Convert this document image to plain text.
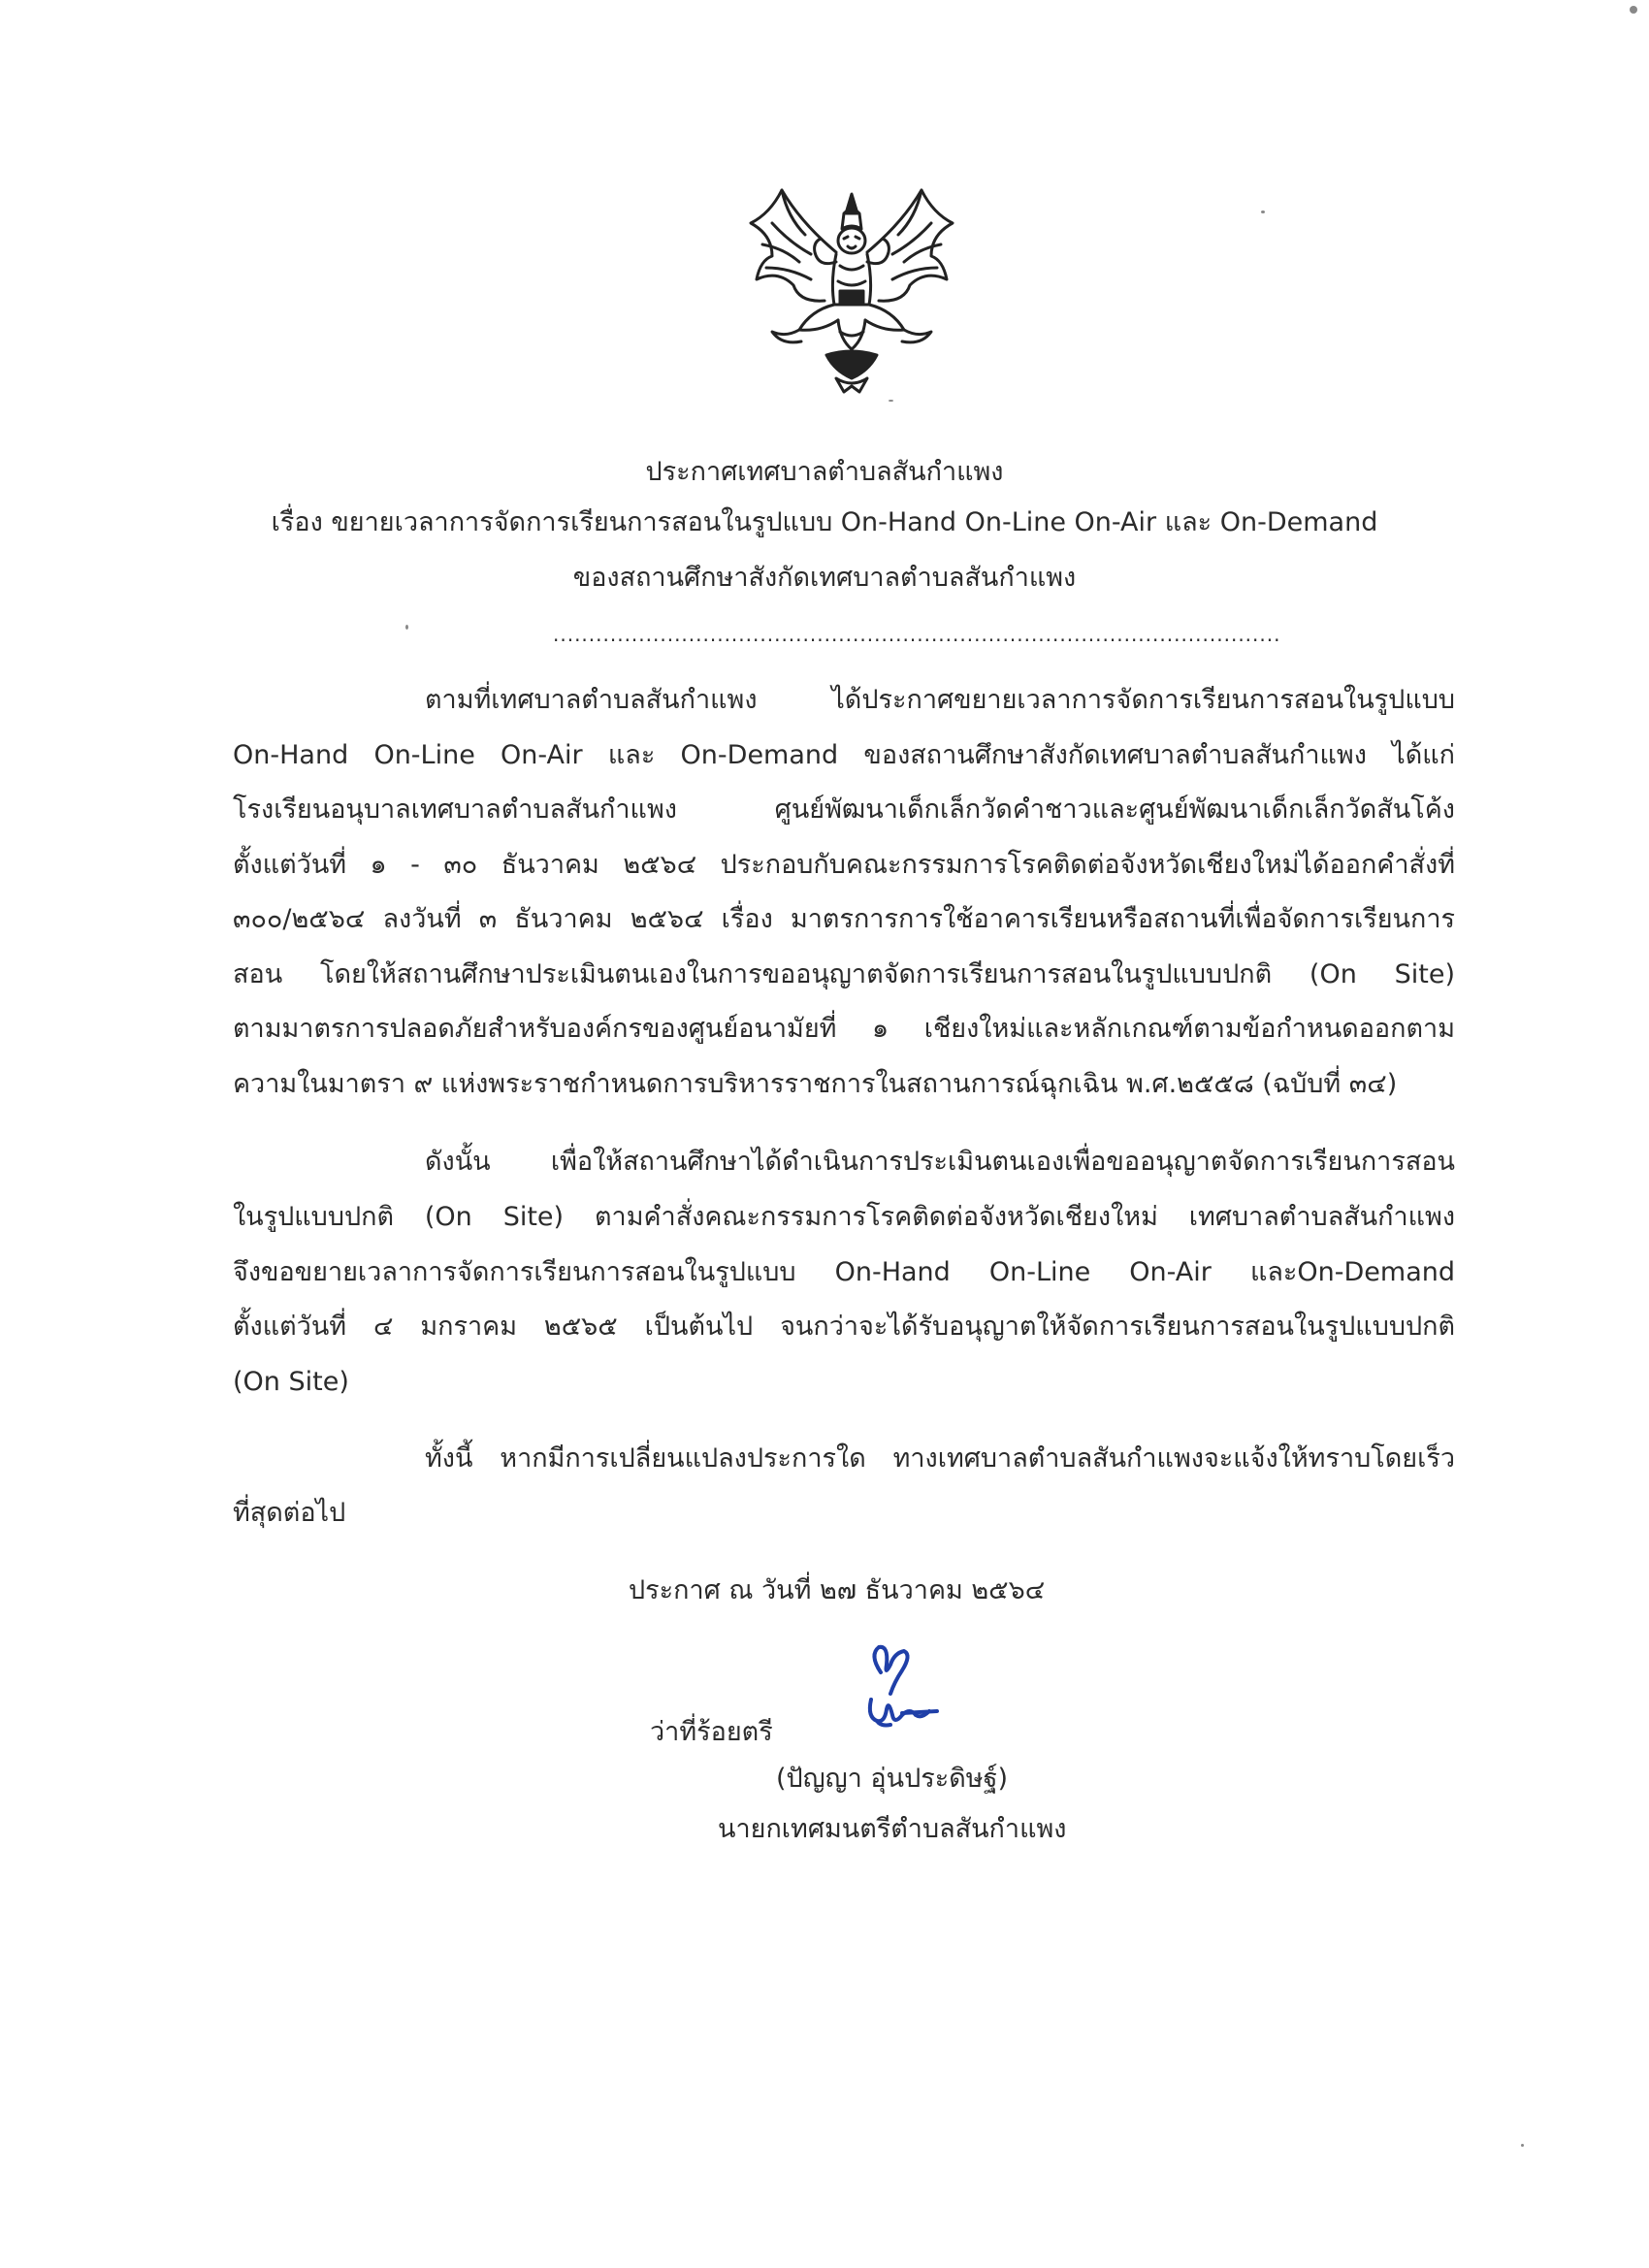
ประกาศเทศบาลตำบลสันกำแพง
เรื่อง ขยายเวลาการจัดการเรียนการสอนในรูปแบบ On-Hand On-Line On-Air และ On-Demand
ของสถานศึกษาสังกัดเทศบาลตำบลสันกำแพง
......................................................................................................
ตามที่เทศบาลตำบลสันกำแพง ได้ประกาศขยายเวลาการจัดการเรียนการสอนในรูปแบบ
On-Hand On-Line On-Air และ On-Demand ของสถานศึกษาสังกัดเทศบาลตำบลสันกำแพง ได้แก่
โรงเรียนอนุบาลเทศบาลตำบลสันกำแพง ศูนย์พัฒนาเด็กเล็กวัดคำชาวและศูนย์พัฒนาเด็กเล็กวัดสันโค้ง
ตั้งแต่วันที่ ๑ - ๓๐ ธันวาคม ๒๕๖๔ ประกอบกับคณะกรรมการโรคติดต่อจังหวัดเชียงใหม่ได้ออกคำสั่งที่
๓๐๐/๒๕๖๔ ลงวันที่ ๓ ธันวาคม ๒๕๖๔ เรื่อง มาตรการการใช้อาคารเรียนหรือสถานที่เพื่อจัดการเรียนการ
สอน โดยให้สถานศึกษาประเมินตนเองในการขออนุญาตจัดการเรียนการสอนในรูปแบบปกติ (On Site)
ตามมาตรการปลอดภัยสำหรับองค์กรของศูนย์อนามัยที่ ๑ เชียงใหม่และหลักเกณฑ์ตามข้อกำหนดออกตาม
ความในมาตรา ๙ แห่งพระราชกำหนดการบริหารราชการในสถานการณ์ฉุกเฉิน พ.ศ.๒๕๕๘ (ฉบับที่ ๓๔)
ดังนั้น เพื่อให้สถานศึกษาได้ดำเนินการประเมินตนเองเพื่อขออนุญาตจัดการเรียนการสอน
ในรูปแบบปกติ (On Site) ตามคำสั่งคณะกรรมการโรคติดต่อจังหวัดเชียงใหม่ เทศบาลตำบลสันกำแพง
จึงขอขยายเวลาการจัดการเรียนการสอนในรูปแบบ On-Hand On-Line On-Air และOn-Demand
ตั้งแต่วันที่ ๔ มกราคม ๒๕๖๕ เป็นต้นไป จนกว่าจะได้รับอนุญาตให้จัดการเรียนการสอนในรูปแบบปกติ
(On Site)
ทั้งนี้ หากมีการเปลี่ยนแปลงประการใด ทางเทศบาลตำบลสันกำแพงจะแจ้งให้ทราบโดยเร็ว
ที่สุดต่อไป
ประกาศ ณ วันที่ ๒๗ ธันวาคม ๒๕๖๔
ว่าที่ร้อยตรี
(ปัญญา อุ่นประดิษฐ์)
นายกเทศมนตรีตำบลสันกำแพง
